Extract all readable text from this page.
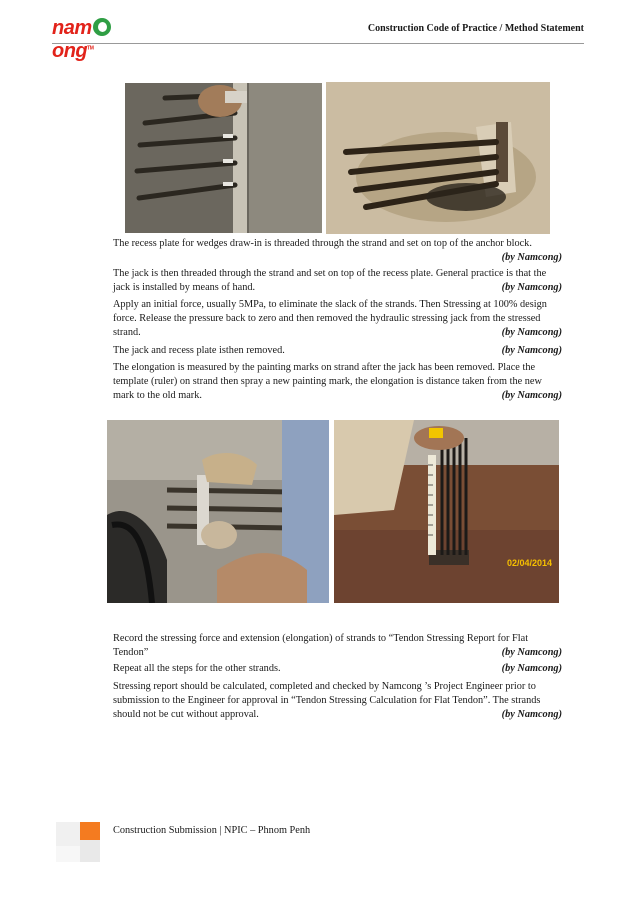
namong™
Construction Code of Practice / Method Statement
The recess plate for wedges draw-in is threaded through the strand and set on top of the anchor block.
(by Namcong)
The jack is then threaded through the strand and set on top of the recess plate. General practice is that the
jack is installed by means of hand.	(by Namcong)
Apply an initial force, usually 5MPa, to eliminate the slack of the strands. Then Stressing at 100% design
force. Release the pressure back to zero and then removed the hydraulic stressing jack from the stressed
strand.	(by Namcong)
The jack and recess plate isthen removed.	(by Namcong)
The elongation is measured by the painting marks on strand after the jack has been removed. Place the
template (ruler) on strand then spray a new painting mark, the elongation is distance taken from the new
mark to the old mark.	(by Namcong)
02/04/2014
Record the stressing force and extension (elongation) of strands to “Tendon Stressing Report for Flat
Tendon”	(by Namcong)
Repeat all the steps for the other strands.	(by Namcong)
Stressing report should be calculated, completed and checked by Namcong ’s Project Engineer prior to
submission to the Engineer for approval in “Tendon Stressing Calculation for Flat Tendon”. The strands
should not be cut without approval.	(by Namcong)
Construction Submission | NPIC – Phnom Penh
